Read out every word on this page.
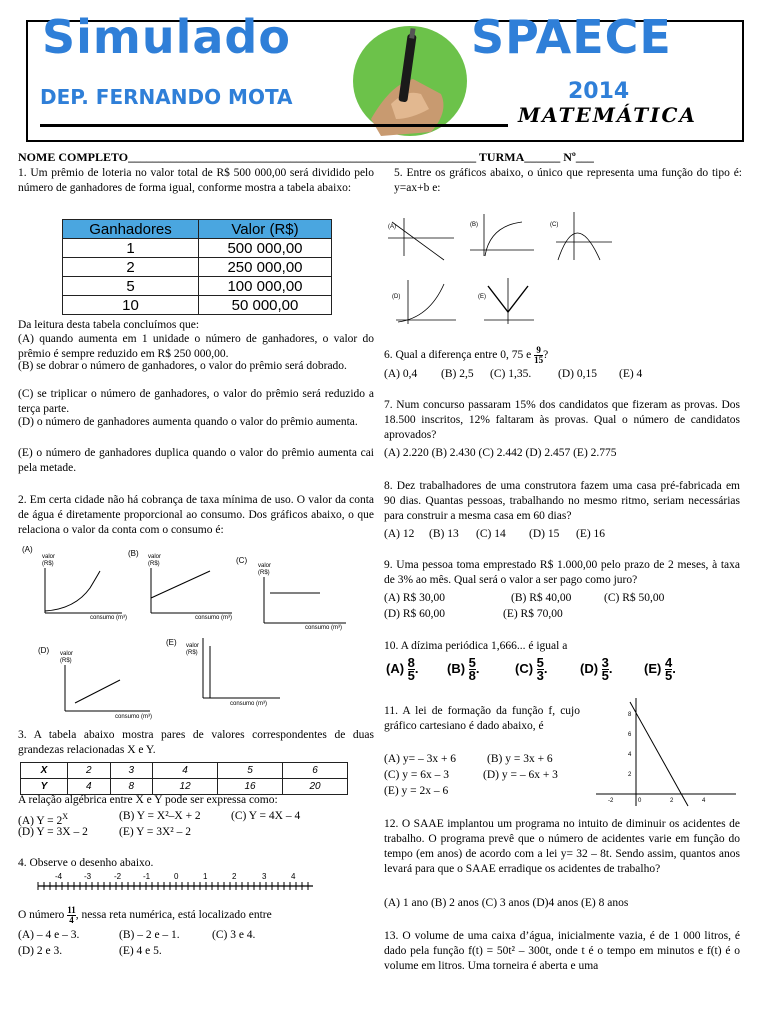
Simulado	SPAECE
DEP. FERNANDO MOTA	2014
MATEMÁTICA
NOME COMPLETO__________________________________________________________ TURMA______ Nº___
1. Um prêmio de loteria no valor total de R$ 500 000,00 será dividido pelo número de ganhadores de forma igual, conforme mostra a tabela abaixo:
Ganhadores	Valor (R$)
1	500 000,00
2	250 000,00
5	100 000,00
10	50 000,00
Da leitura desta tabela concluímos que:
(A) quando aumenta em 1 unidade o número de ganhadores, o valor do prêmio é sempre reduzido em R$ 250 000,00.
(B) se dobrar o número de ganhadores, o valor do prêmio será dobrado.
(C) se triplicar o número de ganhadores, o valor do prêmio será reduzido a terça parte.
(D) o número de ganhadores aumenta quando o valor do prêmio aumenta.
(E) o número de ganhadores duplica quando o valor do prêmio aumenta cai pela metade.
2. Em certa cidade não há cobrança de taxa mínima de uso. O valor da conta de água é diretamente proporcional ao consumo. Dos gráficos abaixo, o que relaciona o valor da conta com o consumo é:
(A)
valor
(R$)
consumo (m³)
(B) valor
(R$)
consumo (m³)
(C)
valor
(R$)
consumo (m³)
(D) valor
(R$)
consumo (m³)
(E) valor
(R$)
consumo (m³)
3. A tabela abaixo mostra pares de valores correspondentes de duas grandezas relacionadas X e Y.
X	2	3	4	5	6
Y	4	8	12	16	20
A relação algébrica entre X e Y pode ser expressa como:
(A) $Y = 2^X$	(B) Y = X²–X + 2	(C) Y = 4X – 4
(D) Y = 3X – 2	(E) Y = 3X² – 2
4. Observe o desenho abaixo.
-4	-3	-2	-1	0	1	2	3	4
O número $\frac{11}{4}$ , nessa reta numérica, está localizado entre
(A) – 4 e – 3.	(B) – 2 e – 1.	(C) 3 e 4.
(D) 2 e 3.	(E) 4 e 5.
5. Entre os gráficos abaixo, o único que representa uma função do tipo é: y=ax+b e:
(A)	(B)	(C)
(D)	(E)
6. Qual a diferença entre 0, 75 e $\frac{9}{15}$ ?
(A) 0,4 (B) 2,5 (C) 1,35. (D) 0,15 (E) 4
7. Num concurso passaram 15% dos candidatos que fizeram as provas. Dos 18.500 inscritos, 12% faltaram às provas. Qual o número de candidatos aprovados?
(A) 2.220 (B) 2.430 (C) 2.442 (D) 2.457 (E) 2.775
8. Dez trabalhadores de uma construtora fazem uma casa pré-fabricada em 90 dias. Quantas pessoas, trabalhando no mesmo ritmo, seriam necessárias para construir a mesma casa em 60 dias?
(A) 12 (B) 13 (C) 14 (D) 15 (E) 16
9. Uma pessoa toma emprestado R$ 1.000,00 pelo prazo de 2 meses, à taxa de 3% ao mês. Qual será o valor a ser pago como juro?
(A) R$ 30,00	(B) R$ 40,00	(C) R$ 50,00
(D) R$ 60,00	(E) R$ 70,00
10. A dízima periódica 1,666... é igual a
$(A) \frac{8}{5}$ . $(B) \frac{5}{8}$ .	$(C) \frac{5}{3}$ . $(D) \frac{3}{5}$ . $(E) \frac{4}{5}$ .
11. A lei de formação da função f, cujo gráfico cartesiano é dado abaixo, é
(A) y= – 3x + 6	(B) y = 3x + 6
(C) y = 6x – 3	(D) y = – 6x + 3
(E) y = 2x – 6
8
6
4
2
-2	0	2	4
12. O SAAE implantou um programa no intuito de diminuir os acidentes de trabalho. O programa prevê que o número de acidentes varie em função do tempo (em anos) de acordo com a lei y= 32 – 8t. Sendo assim, quantos anos levará para que o SAAE erradique os acidentes de trabalho?
(A) 1 ano (B) 2 anos (C) 3 anos (D)4 anos (E) 8 anos
13. O volume de uma caixa d’água, inicialmente vazia, é de 1 000 litros, é dado pela função f(t) = 50t² – 300t, onde t é o tempo em minutos e f(t) é o volume em litros. Uma torneira é aberta e uma
